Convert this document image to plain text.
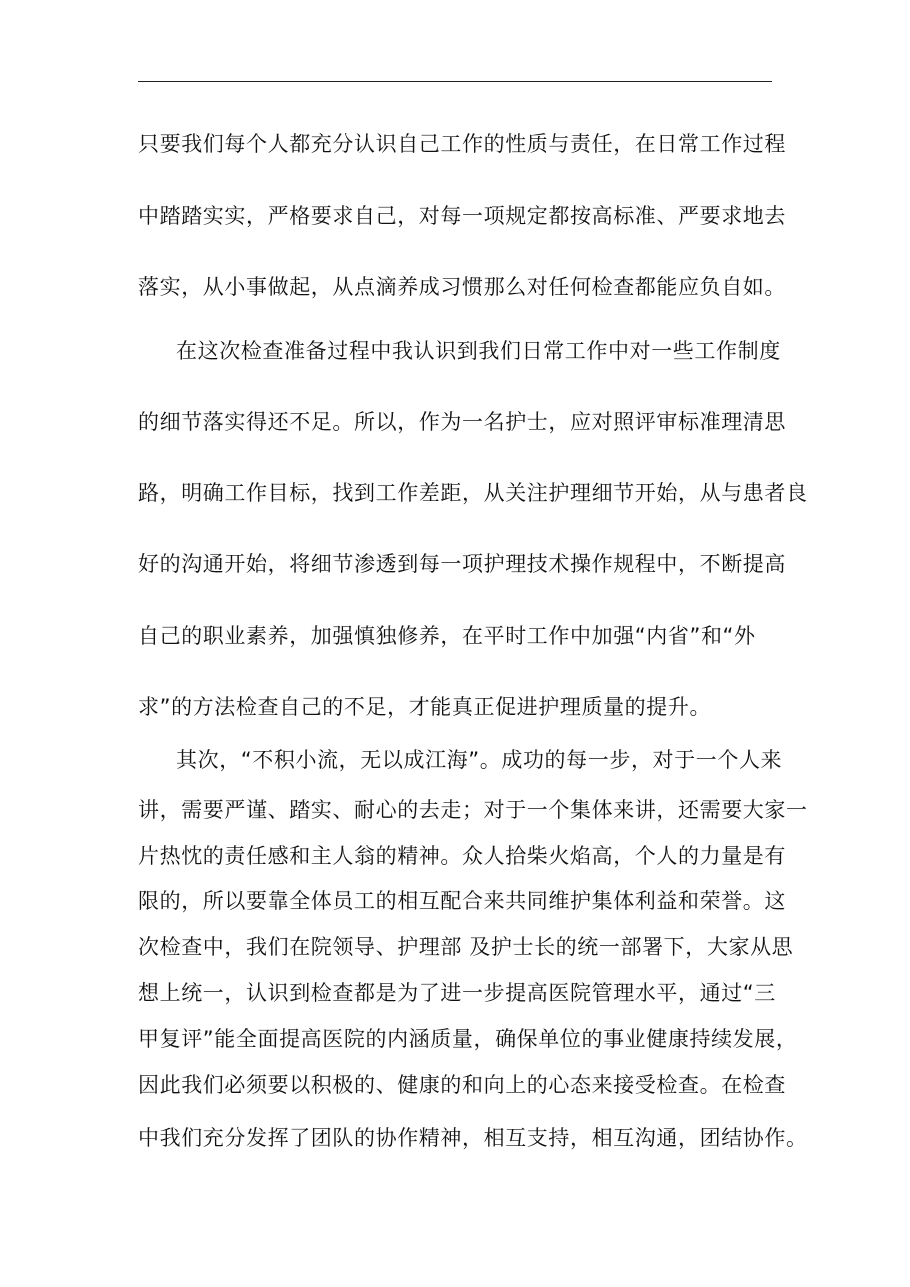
只要我们每个人都充分认识自己工作的性质与责任，在日常工作过程
中踏踏实实，严格要求自己，对每一项规定都按高标准、严要求地去
落实，从小事做起，从点滴养成习惯那么对任何检查都能应负自如。
在这次检查准备过程中我认识到我们日常工作中对一些工作制度
的细节落实得还不足。所以，作为一名护士，应对照评审标准理清思
路，明确工作目标，找到工作差距，从关注护理细节开始，从与患者良
好的沟通开始，将细节渗透到每一项护理技术操作规程中，不断提高
自己的职业素养，加强慎独修养，在平时工作中加强“内省”和“外
求”的方法检查自己的不足，才能真正促进护理质量的提升。
其次，“不积小流，无以成江海”。成功的每一步，对于一个人来
讲，需要严谨、踏实、耐心的去走；对于一个集体来讲，还需要大家一
片热忱的责任感和主人翁的精神。众人拾柴火焰高，个人的力量是有
限的，所以要靠全体员工的相互配合来共同维护集体利益和荣誉。这
次检查中，我们在院领导、护理部 及护士长的统一部署下，大家从思
想上统一，认识到检查都是为了进一步提高医院管理水平，通过“三
甲复评”能全面提高医院的内涵质量，确保单位的事业健康持续发展，
因此我们必须要以积极的、健康的和向上的心态来接受检查。在检查
中我们充分发挥了团队的协作精神，相互支持，相互沟通，团结协作。
